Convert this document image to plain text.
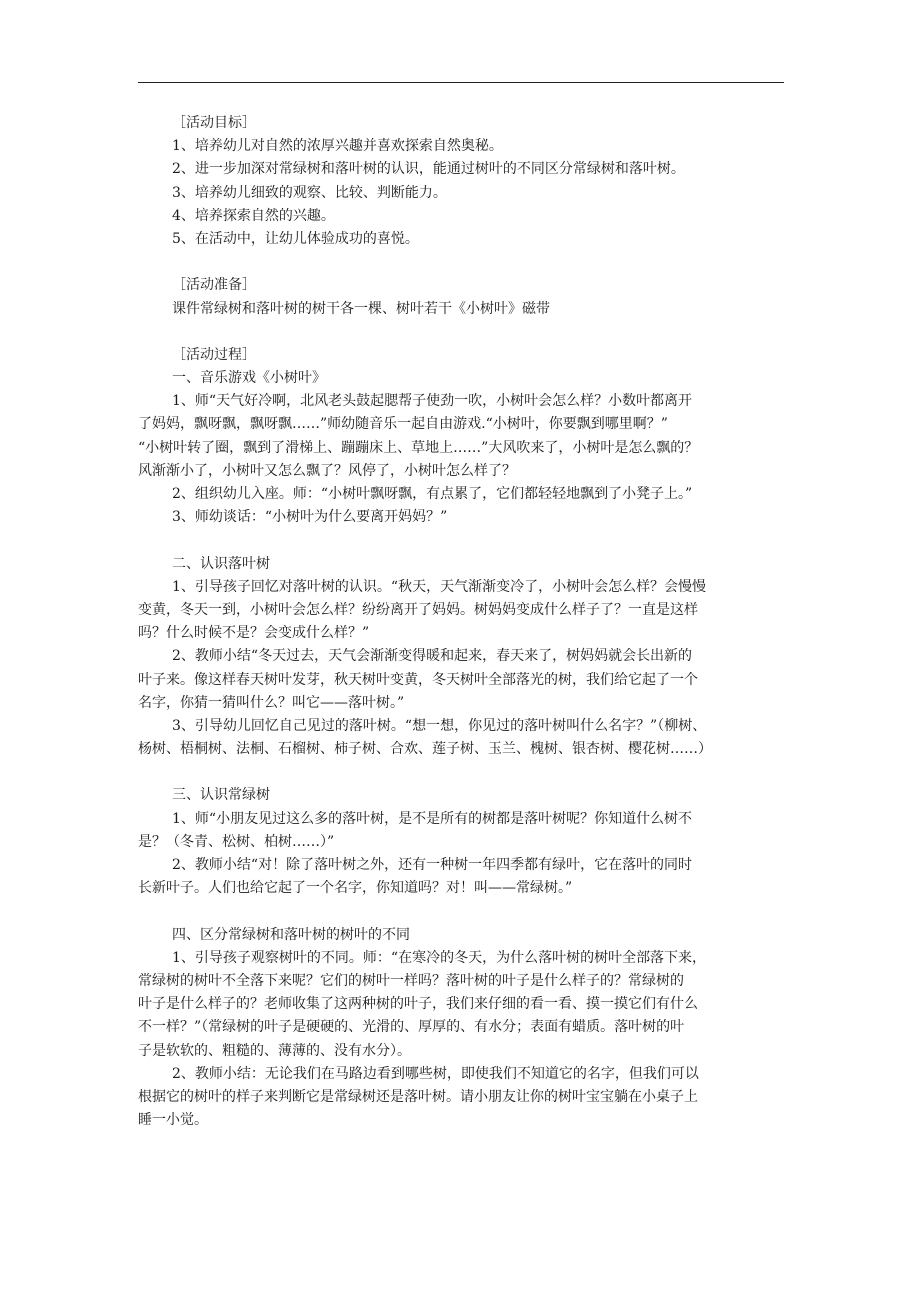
［活动目标］
1、培养幼儿对自然的浓厚兴趣并喜欢探索自然奥秘。
2、进一步加深对常绿树和落叶树的认识，能通过树叶的不同区分常绿树和落叶树。
3、培养幼儿细致的观察、比较、判断能力。
4、培养探索自然的兴趣。
5、在活动中，让幼儿体验成功的喜悦。
［活动准备］
课件常绿树和落叶树的树干各一棵、树叶若干《小树叶》磁带
［活动过程］
一、音乐游戏《小树叶》
1、师“天气好冷啊，北风老头鼓起腮帮子使劲一吹，小树叶会怎么样？小数叶都离开
了妈妈，飘呀飘，飘呀飘……”师幼随音乐一起自由游戏.“小树叶，你要飘到哪里啊？”
“小树叶转了圈，飘到了滑梯上、蹦蹦床上、草地上……”大风吹来了，小树叶是怎么飘的？
风渐渐小了，小树叶又怎么飘了？风停了，小树叶怎么样了？
2、组织幼儿入座。师：“小树叶飘呀飘，有点累了，它们都轻轻地飘到了小凳子上。”
3、师幼谈话：“小树叶为什么要离开妈妈？”
二、认识落叶树
1、引导孩子回忆对落叶树的认识。“秋天，天气渐渐变冷了，小树叶会怎么样？会慢慢
变黄，冬天一到，小树叶会怎么样？纷纷离开了妈妈。树妈妈变成什么样子了？一直是这样
吗？什么时候不是？会变成什么样？”
2、教师小结“冬天过去，天气会渐渐变得暖和起来，春天来了，树妈妈就会长出新的
叶子来。像这样春天树叶发芽，秋天树叶变黄，冬天树叶全部落光的树，我们给它起了一个
名字，你猜一猜叫什么？叫它——落叶树。”
3、引导幼儿回忆自己见过的落叶树。“想一想，你见过的落叶树叫什么名字？”（柳树、
杨树、梧桐树、法桐、石榴树、柿子树、合欢、莲子树、玉兰、槐树、银杏树、樱花树……）
三、认识常绿树
1、师“小朋友见过这么多的落叶树，是不是所有的树都是落叶树呢？你知道什么树不
是？（冬青、松树、柏树……）”
2、教师小结“对！除了落叶树之外，还有一种树一年四季都有绿叶，它在落叶的同时
长新叶子。人们也给它起了一个名字，你知道吗？对！叫——常绿树。”
四、区分常绿树和落叶树的树叶的不同
1、引导孩子观察树叶的不同。师：“在寒冷的冬天，为什么落叶树的树叶全部落下来，
常绿树的树叶不全落下来呢？它们的树叶一样吗？落叶树的叶子是什么样子的？常绿树的
叶子是什么样子的？老师收集了这两种树的叶子，我们来仔细的看一看、摸一摸它们有什么
不一样？”（常绿树的叶子是硬硬的、光滑的、厚厚的、有水分；表面有蜡质。落叶树的叶
子是软软的、粗糙的、薄薄的、没有水分）。
2、教师小结：无论我们在马路边看到哪些树，即使我们不知道它的名字，但我们可以
根据它的树叶的样子来判断它是常绿树还是落叶树。请小朋友让你的树叶宝宝躺在小桌子上
睡一小觉。
